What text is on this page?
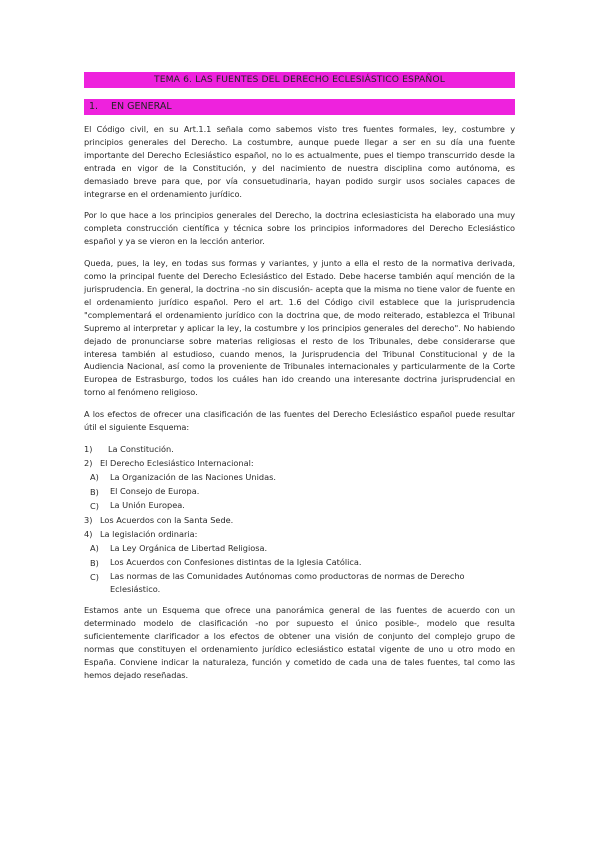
TEMA 6. LAS FUENTES DEL DERECHO ECLESIÁSTICO ESPAÑOL
1.	EN GENERAL

El Código civil, en su Art.1.1 señala como sabemos visto tres fuentes formales, ley, costumbre y principios generales del Derecho. La costumbre, aunque puede llegar a ser en su día una fuente importante del Derecho Eclesiástico español, no lo es actualmente, pues el tiempo transcurrido desde la entrada en vigor de la Constitución, y del nacimiento de nuestra disciplina como autónoma, es demasiado breve para que, por vía consuetudinaria, hayan podido surgir usos sociales capaces de integrarse en el ordenamiento jurídico.

Por lo que hace a los principios generales del Derecho, la doctrina eclesiasticista ha elaborado una muy completa construcción científica y técnica sobre los principios informadores del Derecho Eclesiástico español y ya se vieron en la lección anterior.

Queda, pues, la ley, en todas sus formas y variantes, y junto a ella el resto de la normativa derivada, como la principal fuente del Derecho Eclesiástico del Estado. Debe hacerse también aquí mención de la jurisprudencia. En general, la doctrina -no sin discusión- acepta que la misma no tiene valor de fuente en el ordenamiento jurídico español. Pero el art. 1.6 del Código civil establece que la jurisprudencia "complementará el ordenamiento jurídico con la doctrina que, de modo reiterado, establezca el Tribunal Supremo al interpretar y aplicar la ley, la costumbre y los principios generales del derecho". No habiendo dejado de pronunciarse sobre materias religiosas el resto de los Tribunales, debe considerarse que interesa también al estudioso, cuando menos, la Jurisprudencia del Tribunal Constitucional y de la Audiencia Nacional, así como la proveniente de Tribunales internacionales y particularmente de la Corte Europea de Estrasburgo, todos los cuáles han ido creando una interesante doctrina jurisprudencial en torno al fenómeno religioso.

A los efectos de ofrecer una clasificación de las fuentes del Derecho Eclesiástico español puede resultar útil el siguiente Esquema:

1)	La Constitución.
2) El Derecho Eclesiástico Internacional:
A)	La Organización de las Naciones Unidas.
B)	El Consejo de Europa.
C)	La Unión Europea.
3) Los Acuerdos con la Santa Sede.
4) La legislación ordinaria:
A)	La Ley Orgánica de Libertad Religiosa.
B)	Los Acuerdos con Confesiones distintas de la Iglesia Católica.
C)	Las normas de las Comunidades Autónomas como productoras de normas de Derecho Eclesiástico.

Estamos ante un Esquema que ofrece una panorámica general de las fuentes de acuerdo con un determinado modelo de clasificación -no por supuesto el único posible-, modelo que resulta suficientemente clarificador a los efectos de obtener una visión de conjunto del complejo grupo de normas que constituyen el ordenamiento jurídico eclesiástico estatal vigente de uno u otro modo en España. Conviene indicar la naturaleza, función y cometido de cada una de tales fuentes, tal como las hemos dejado reseñadas.
